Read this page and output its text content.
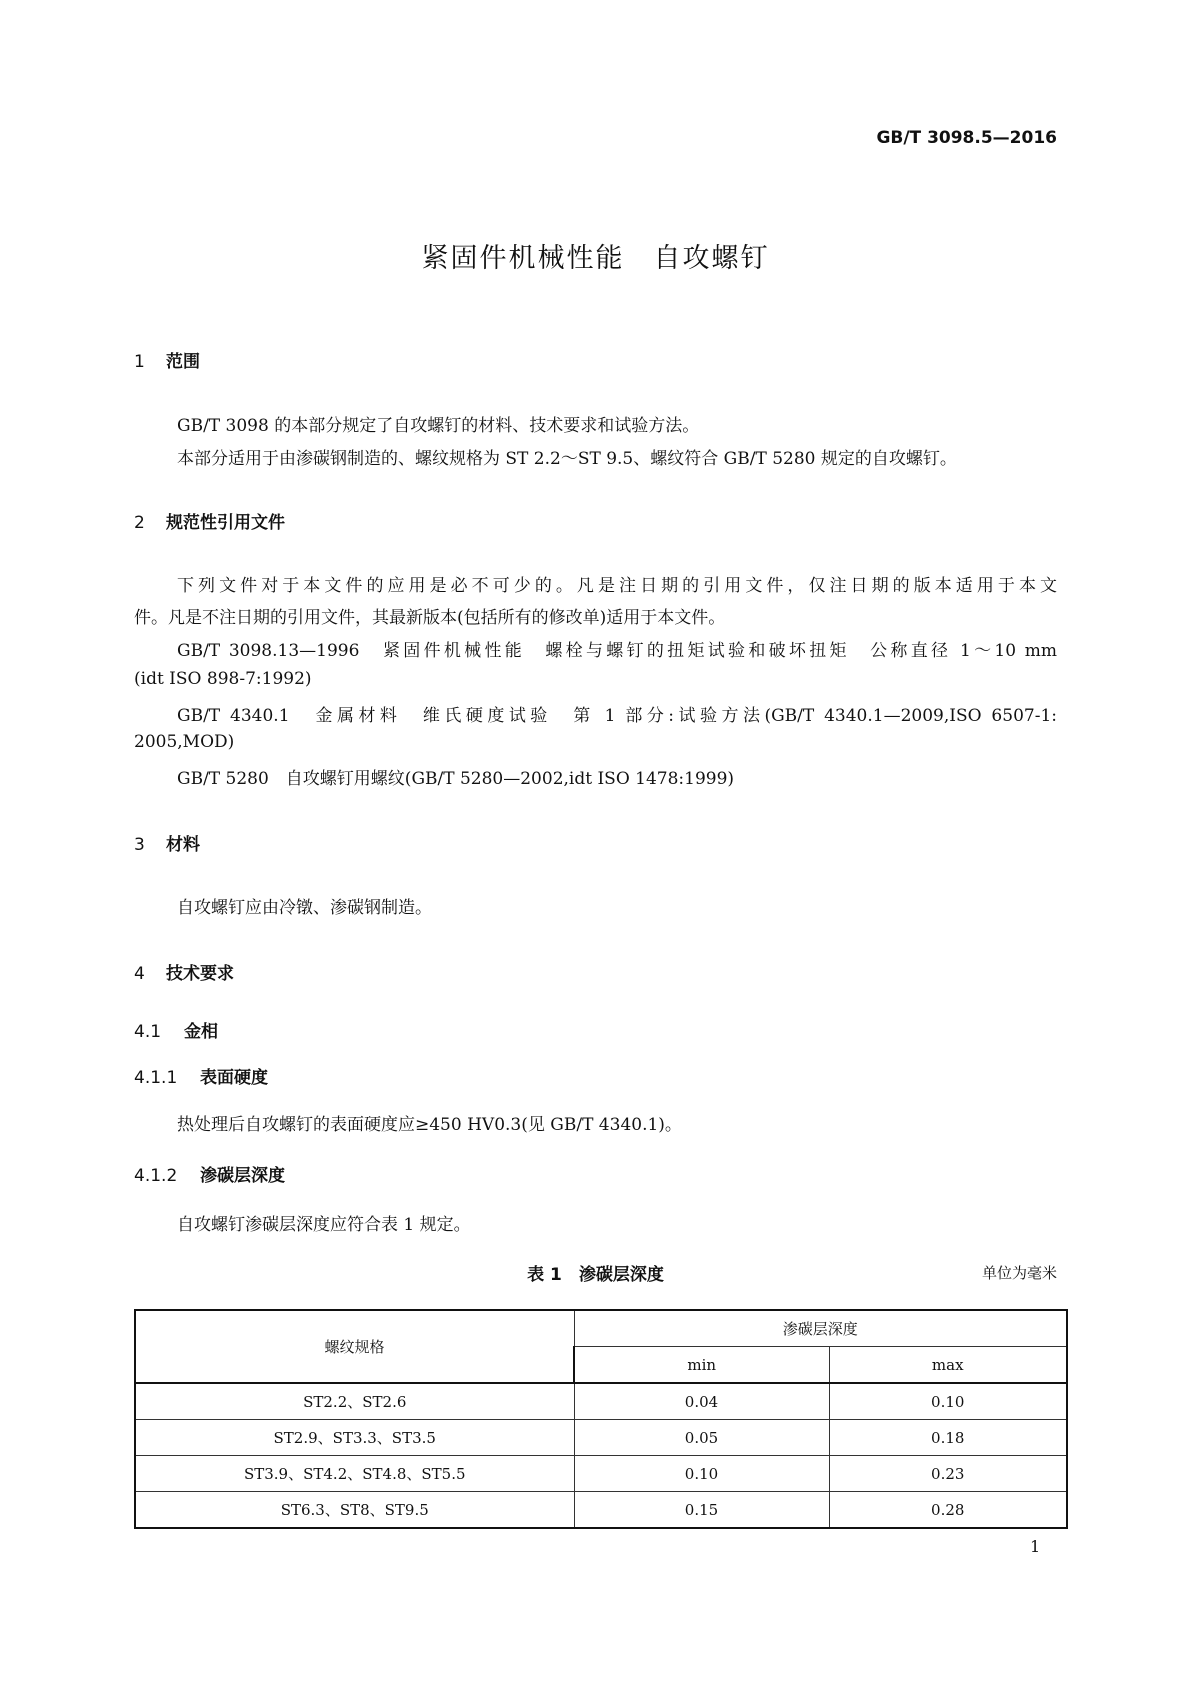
GB/T 3098.5—2016
紧固件机械性能　自攻螺钉
1 范围
GB/T 3098 的本部分规定了自攻螺钉的材料、技术要求和试验方法。
本部分适用于由渗碳钢制造的、螺纹规格为 ST 2.2～ST 9.5、螺纹符合 GB/T 5280 规定的自攻螺钉。
2 规范性引用文件
下列文件对于本文件的应用是必不可少的。凡是注日期的引用文件，仅注日期的版本适用于本文
件。凡是不注日期的引用文件，其最新版本(包括所有的修改单)适用于本文件。
GB/T 3098.13—1996　紧固件机械性能　螺栓与螺钉的扭矩试验和破坏扭矩　公称直径 1～10 mm
(idt ISO 898-7:1992)
GB/T 4340.1　金属材料　维氏硬度试验　第 1 部分:试验方法(GB/T 4340.1—2009,ISO 6507-1:
2005,MOD)
GB/T 5280　自攻螺钉用螺纹(GB/T 5280—2002,idt ISO 1478:1999)
3 材料
自攻螺钉应由冷镦、渗碳钢制造。
4 技术要求
4.1 金相
4.1.1 表面硬度
热处理后自攻螺钉的表面硬度应≥450 HV0.3(见 GB/T 4340.1)。
4.1.2 渗碳层深度
自攻螺钉渗碳层深度应符合表 1 规定。
表 1　渗碳层深度	单位为毫米
螺纹规格	渗碳层深度	
	min	max
ST2.2、ST2.6	0.04	0.10
ST2.9、ST3.3、ST3.5	0.05	0.18
ST3.9、ST4.2、ST4.8、ST5.5	0.10	0.23
ST6.3、ST8、ST9.5	0.15	0.28
1
